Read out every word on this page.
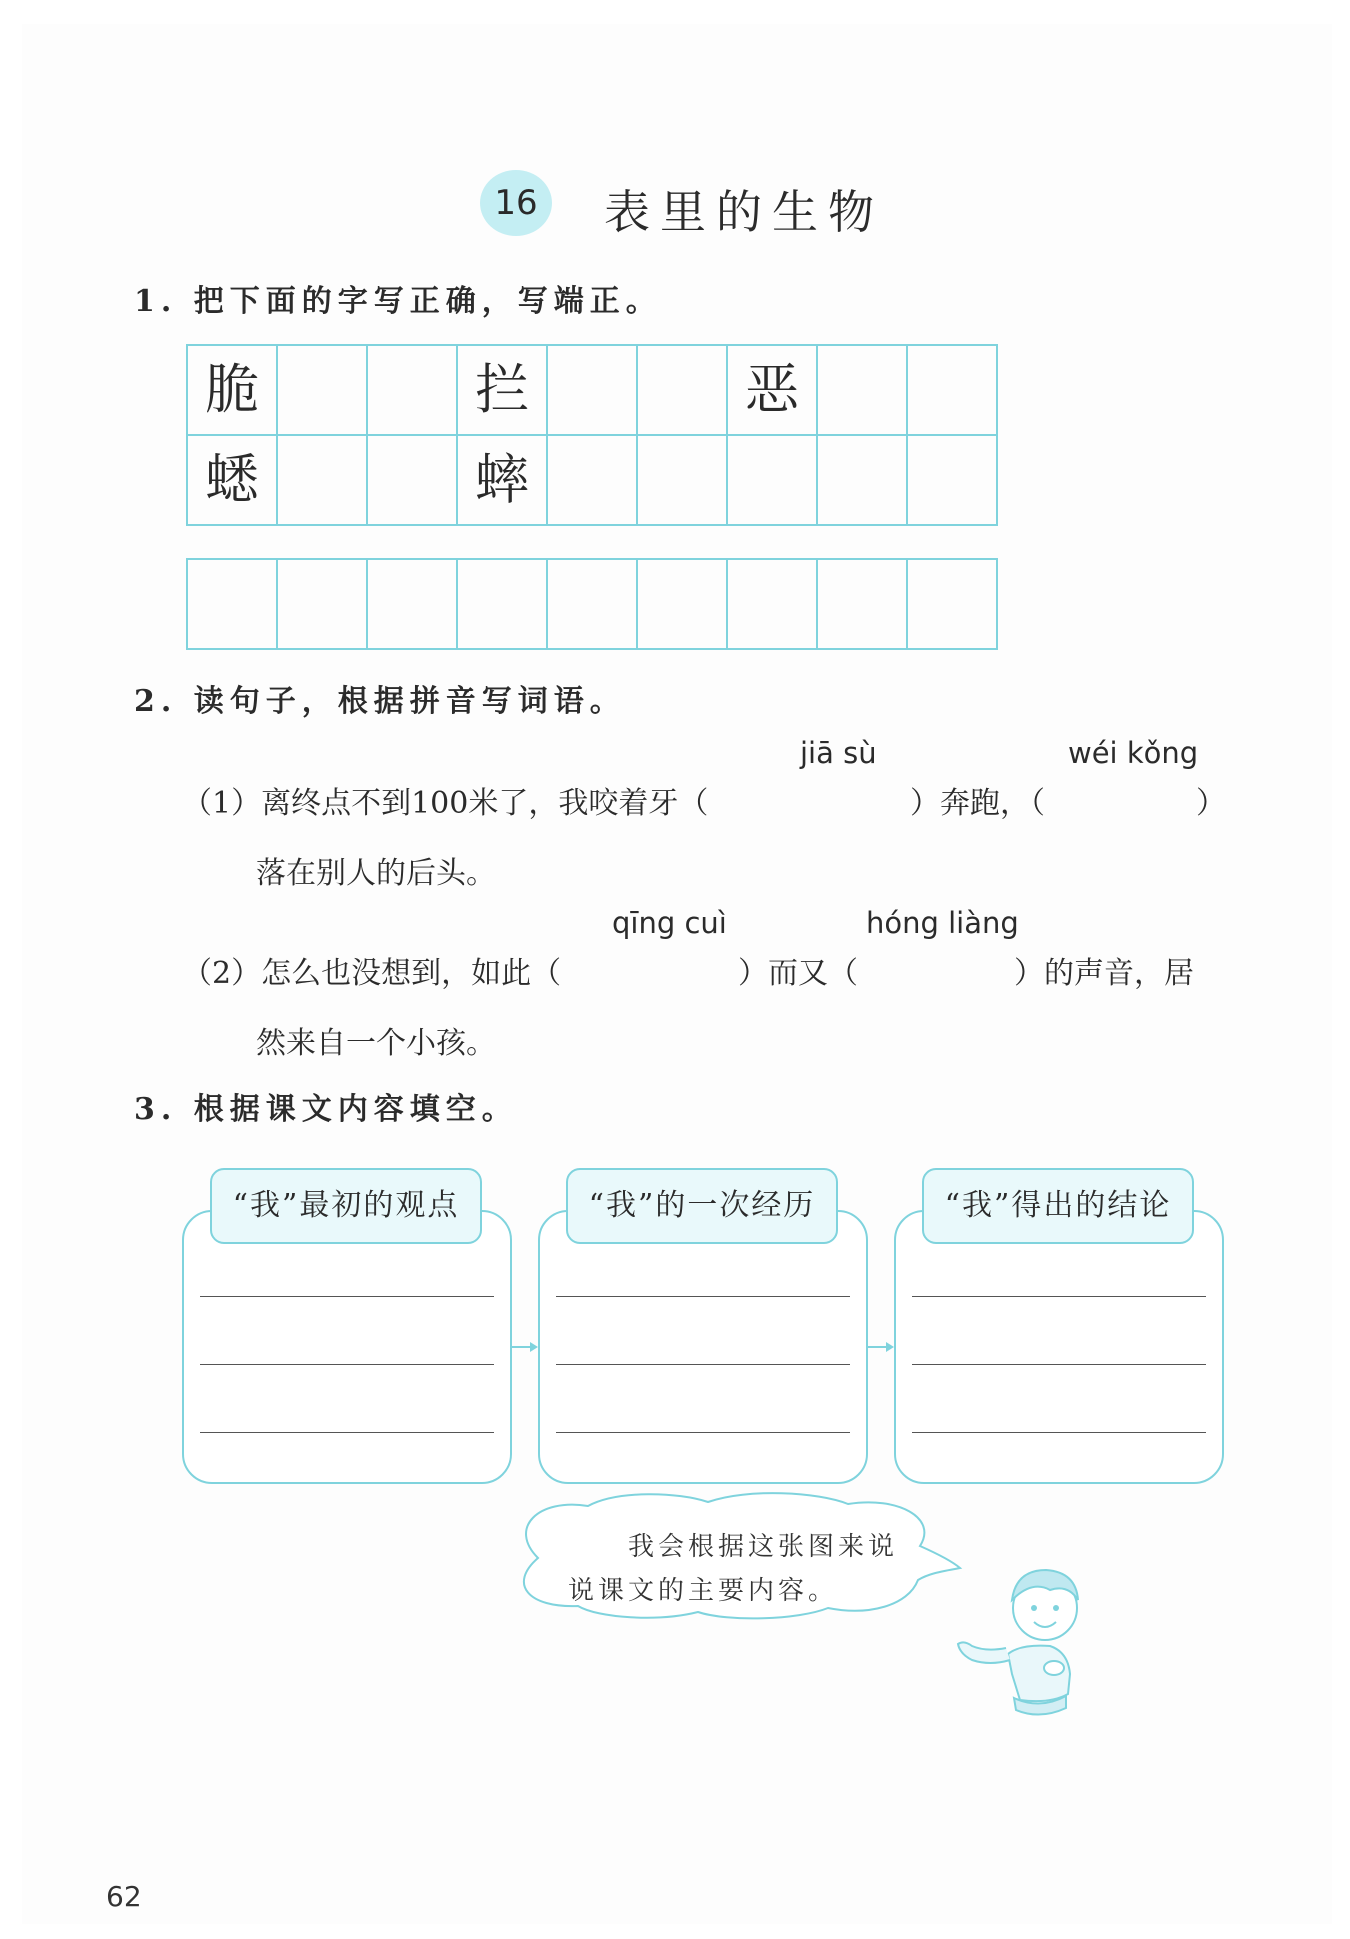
16	表里的生物
1. 把下面的字写正确，写端正。
脆	拦	恶
蟋	蟀
2. 读句子，根据拼音写词语。
jiā sù	wéi kǒng
（1）离终点不到100米了，我咬着牙（	）奔跑，（	）
落在别人的后头。
qīng cuì	hóng liàng
（2）怎么也没想到，如此（	）而又（	）的声音，居
然来自一个小孩。
3. 根据课文内容填空。
“我”最初的观点	“我”的一次经历	“我”得出的结论
我会根据这张图来说
说课文的主要内容。
62
